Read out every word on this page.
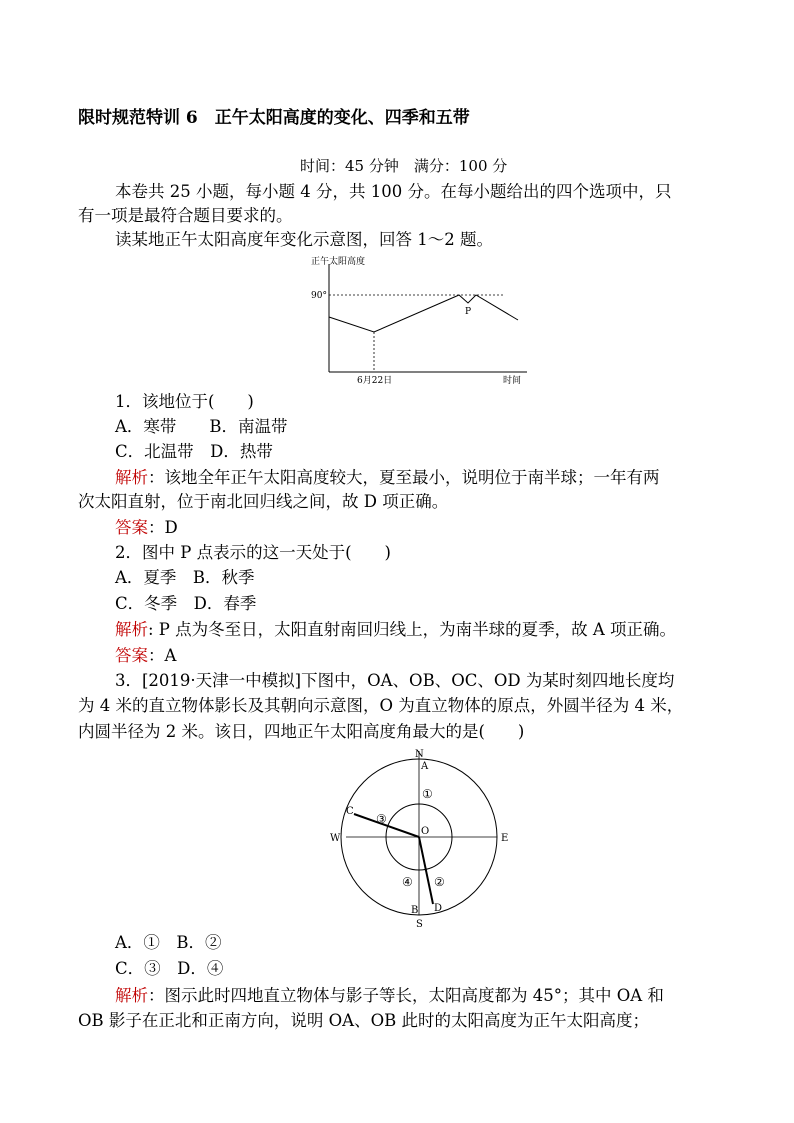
限时规范特训 6　正午太阳高度的变化、四季和五带
时间：45 分钟　满分：100 分
本卷共 25 小题，每小题 4 分，共 100 分。在每小题给出的四个选项中，只
有一项是最符合题目要求的。
读某地正午太阳高度年变化示意图，回答 1～2 题。
正午太阳高度
90°
P
6月22日	时间
1．该地位于(　　)
A．寒带　　B．南温带
C．北温带　D．热带
解析：该地全年正午太阳高度较大，夏至最小，说明位于南半球；一年有两
次太阳直射，位于南北回归线之间，故 D 项正确。
答案：D
2．图中 P 点表示的这一天处于(　　)
A．夏季　B．秋季
C．冬季　D．春季
解析: P 点为冬至日，太阳直射南回归线上，为南半球的夏季，故 A 项正确。
答案：A
3．[2019·天津一中模拟]下图中，OA、OB、OC、OD 为某时刻四地长度均
为 4 米的直立物体影长及其朝向示意图，O 为直立物体的原点，外圆半径为 4 米，
内圆半径为 2 米。该日，四地正午太阳高度角最大的是(　　)
N
S
E
W
O
A
B
C
D
①
②
③
④
A．①　B．②
C．③　D．④
解析：图示此时四地直立物体与影子等长，太阳高度都为 45°；其中 OA 和
OB 影子在正北和正南方向，说明 OA、OB 此时的太阳高度为正午太阳高度；
